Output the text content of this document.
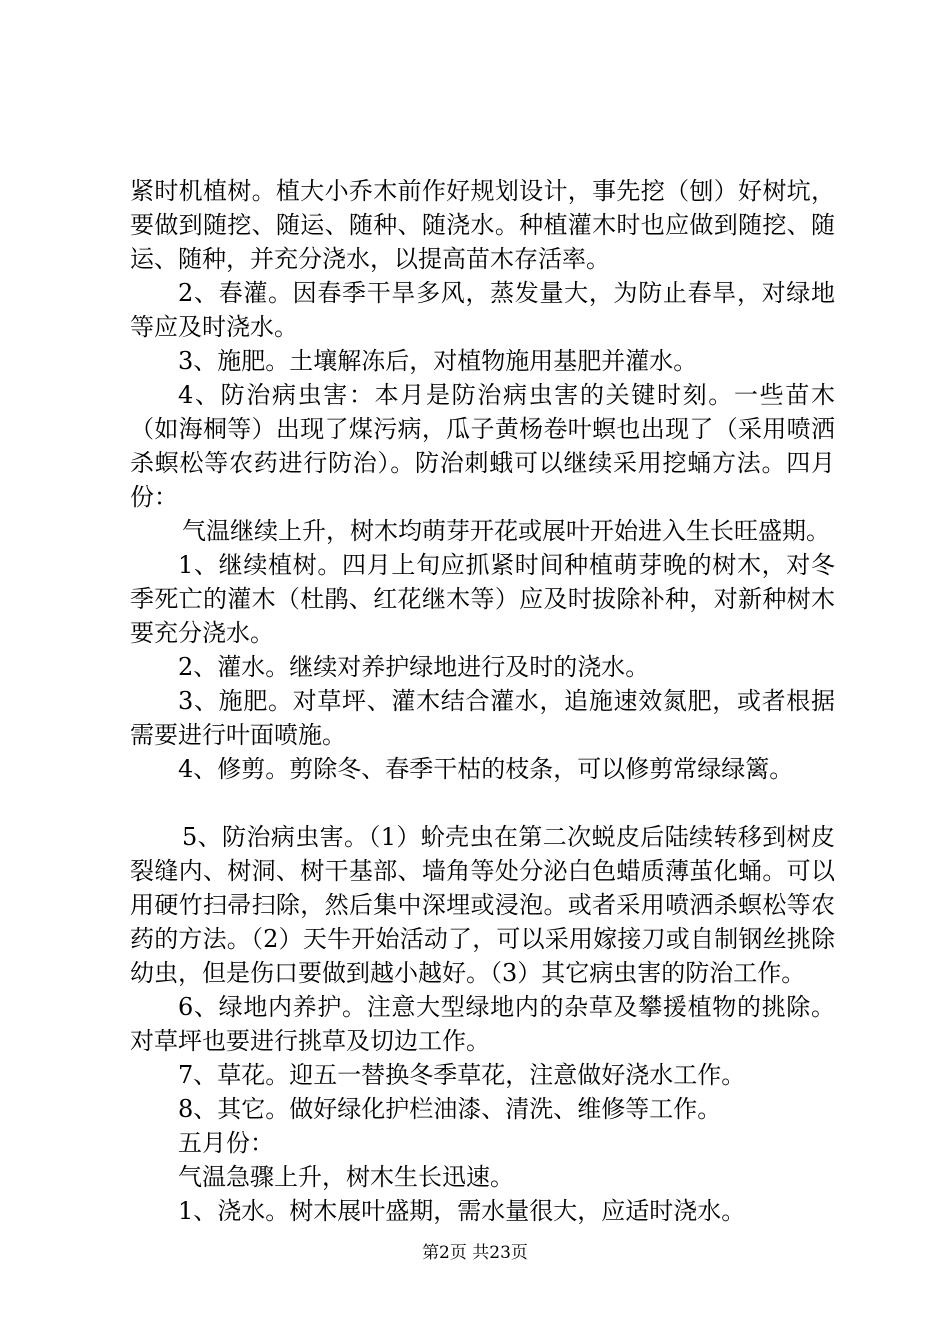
紧时机植树。植大小乔木前作好规划设计，事先挖（刨）好树坑，要做到随挖、随运、随种、随浇水。种植灌木时也应做到随挖、随运、随种，并充分浇水，以提高苗木存活率。

2、春灌。因春季干旱多风，蒸发量大，为防止春旱，对绿地等应及时浇水。

3、施肥。土壤解冻后，对植物施用基肥并灌水。

4、防治病虫害：本月是防治病虫害的关键时刻。一些苗木（如海桐等）出现了煤污病，瓜子黄杨卷叶螟也出现了（采用喷洒杀螟松等农药进行防治）。防治刺蛾可以继续采用挖蛹方法。四月份：

气温继续上升，树木均萌芽开花或展叶开始进入生长旺盛期。

1、继续植树。四月上旬应抓紧时间种植萌芽晚的树木，对冬季死亡的灌木（杜鹃、红花继木等）应及时拔除补种，对新种树木要充分浇水。

2、灌水。继续对养护绿地进行及时的浇水。

3、施肥。对草坪、灌木结合灌水，追施速效氮肥，或者根据需要进行叶面喷施。

4、修剪。剪除冬、春季干枯的枝条，可以修剪常绿绿篱。

5、防治病虫害。（1）蚧壳虫在第二次蜕皮后陆续转移到树皮裂缝内、树洞、树干基部、墙角等处分泌白色蜡质薄茧化蛹。可以用硬竹扫帚扫除，然后集中深埋或浸泡。或者采用喷洒杀螟松等农药的方法。（2）天牛开始活动了，可以采用嫁接刀或自制钢丝挑除幼虫，但是伤口要做到越小越好。（3）其它病虫害的防治工作。

6、绿地内养护。注意大型绿地内的杂草及攀援植物的挑除。对草坪也要进行挑草及切边工作。

7、草花。迎五一替换冬季草花，注意做好浇水工作。

8、其它。做好绿化护栏油漆、清洗、维修等工作。

五月份：

气温急骤上升，树木生长迅速。

1、浇水。树木展叶盛期，需水量很大，应适时浇水。

第2页 共23页
